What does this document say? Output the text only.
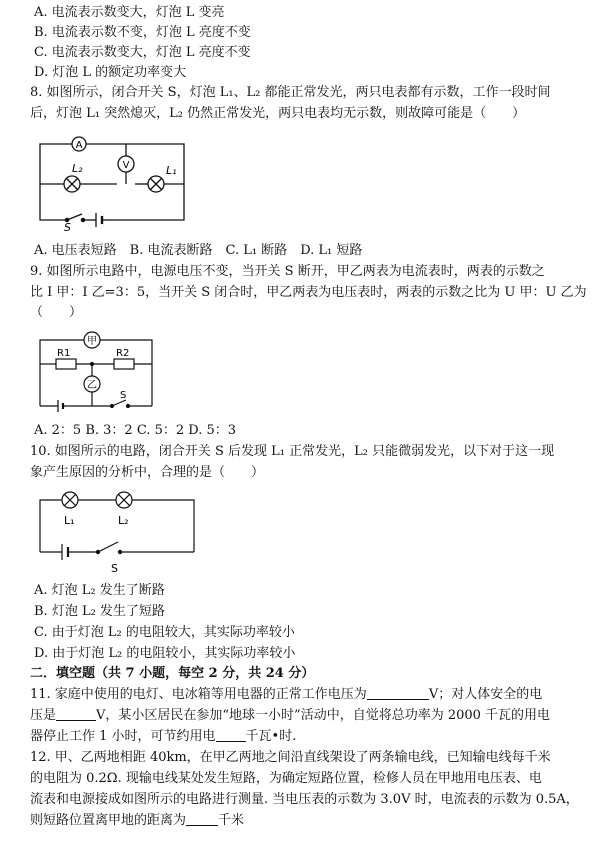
A. 电流表示数变大，灯泡 L 变亮
B. 电流表示数不变，灯泡 L 亮度不变
C. 电流表示数变大，灯泡 L 亮度不变
D. 灯泡 L 的额定功率变大
8. 如图所示，闭合开关 S，灯泡 L₁、L₂ 都能正常发光，两只电表都有示数，工作一段时间
后，灯泡 L₁ 突然熄灭，L₂ 仍然正常发光，两只电表均无示数，则故障可能是（　　）
A
V
L₂	L₁
S
A. 电压表短路　B. 电流表断路　C. L₁ 断路　D. L₁ 短路
9. 如图所示电路中，电源电压不变，当开关 S 断开，甲乙两表为电流表时，两表的示数之
比 I 甲：I 乙=3：5，当开关 S 闭合时，甲乙两表为电压表时，两表的示数之比为 U 甲：U 乙为
（　　）
甲
乙
R1	R2
S
A. 2：5 B. 3：2 C. 5：2 D. 5：3
10. 如图所示的电路，闭合开关 S 后发现 L₁ 正常发光，L₂ 只能微弱发光，以下对于这一现
象产生原因的分析中，合理的是（　　）
L₁	L₂
S
A. 灯泡 L₂ 发生了断路
B. 灯泡 L₂ 发生了短路
C. 由于灯泡 L₂ 的电阻较大，其实际功率较小
D. 由于灯泡 L₂ 的电阻较小，其实际功率较小
二．填空题（共 7 小题，每空 2 分，共 24 分）
11. 家庭中使用的电灯、电冰箱等用电器的正常工作电压为	V；对人体安全的电
压是	V，某小区居民在参加“地球一小时”活动中，自觉将总功率为 2000 千瓦的用电
器停止工作 1 小时，可节约用电 千瓦•时.
12. 甲、乙两地相距 40km，在甲乙两地之间沿直线架设了两条输电线，已知输电线每千米
的电阻为 0.2Ω. 现输电线某处发生短路，为确定短路位置，检修人员在甲地用电压表、电
流表和电源接成如图所示的电路进行测量. 当电压表的示数为 3.0V 时，电流表的示数为 0.5A，
则短路位置离甲地的距离为 千米
